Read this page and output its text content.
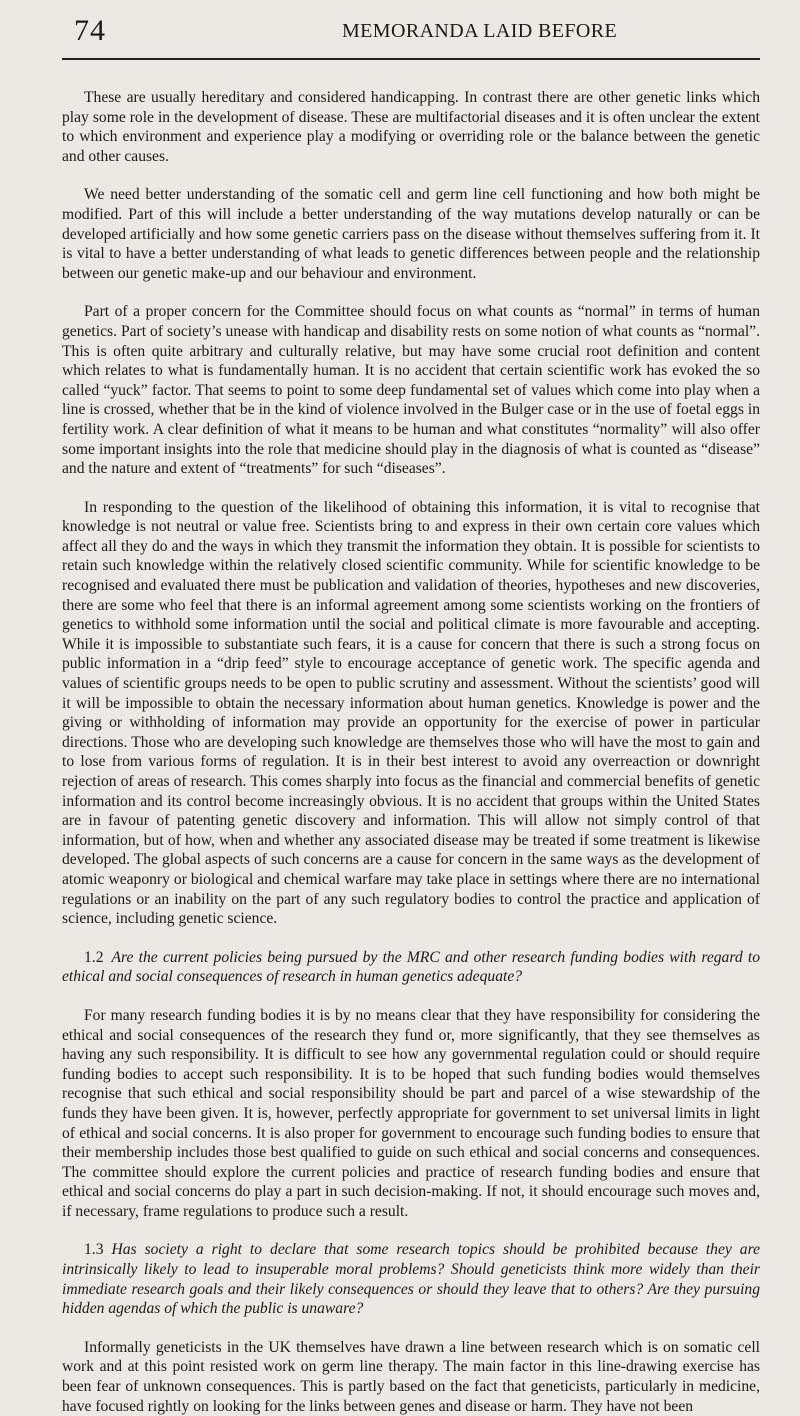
74	MEMORANDA LAID BEFORE

These are usually hereditary and considered handicapping. In contrast there are other genetic links which play some role in the development of disease. These are multifactorial diseases and it is often unclear the extent to which environment and experience play a modifying or overriding role or the balance between the genetic and other causes.

We need better understanding of the somatic cell and germ line cell functioning and how both might be modified. Part of this will include a better understanding of the way mutations develop naturally or can be developed artificially and how some genetic carriers pass on the disease without themselves suffering from it. It is vital to have a better understanding of what leads to genetic differences between people and the relationship between our genetic make-up and our behaviour and environment.

Part of a proper concern for the Committee should focus on what counts as “normal” in terms of human genetics. Part of society’s unease with handicap and disability rests on some notion of what counts as “normal”. This is often quite arbitrary and culturally relative, but may have some crucial root definition and content which relates to what is fundamentally human. It is no accident that certain scientific work has evoked the so called “yuck” factor. That seems to point to some deep fundamental set of values which come into play when a line is crossed, whether that be in the kind of violence involved in the Bulger case or in the use of foetal eggs in fertility work. A clear definition of what it means to be human and what constitutes “normality” will also offer some important insights into the role that medicine should play in the diagnosis of what is counted as “disease” and the nature and extent of “treatments” for such “diseases”.

In responding to the question of the likelihood of obtaining this information, it is vital to recognise that knowledge is not neutral or value free. Scientists bring to and express in their own certain core values which affect all they do and the ways in which they transmit the information they obtain. It is possible for scientists to retain such knowledge within the relatively closed scientific community. While for scientific knowledge to be recognised and evaluated there must be publication and validation of theories, hypotheses and new discoveries, there are some who feel that there is an informal agreement among some scientists working on the frontiers of genetics to withhold some information until the social and political climate is more favourable and accepting. While it is impossible to substantiate such fears, it is a cause for concern that there is such a strong focus on public information in a “drip feed” style to encourage acceptance of genetic work. The specific agenda and values of scientific groups needs to be open to public scrutiny and assessment. Without the scientists’ good will it will be impossible to obtain the necessary information about human genetics. Knowledge is power and the giving or withholding of information may provide an opportunity for the exercise of power in particular directions. Those who are developing such knowledge are themselves those who will have the most to gain and to lose from various forms of regulation. It is in their best interest to avoid any overreaction or downright rejection of areas of research. This comes sharply into focus as the financial and commercial benefits of genetic information and its control become increasingly obvious. It is no accident that groups within the United States are in favour of patenting genetic discovery and information. This will allow not simply control of that information, but of how, when and whether any associated disease may be treated if some treatment is likewise developed. The global aspects of such concerns are a cause for concern in the same ways as the development of atomic weaponry or biological and chemical warfare may take place in settings where there are no international regulations or an inability on the part of any such regulatory bodies to control the practice and application of science, including genetic science.

1.2 Are the current policies being pursued by the MRC and other research funding bodies with regard to ethical and social consequences of research in human genetics adequate?

For many research funding bodies it is by no means clear that they have responsibility for considering the ethical and social consequences of the research they fund or, more significantly, that they see themselves as having any such responsibility. It is difficult to see how any governmental regulation could or should require funding bodies to accept such responsibility. It is to be hoped that such funding bodies would themselves recognise that such ethical and social responsibility should be part and parcel of a wise stewardship of the funds they have been given. It is, however, perfectly appropriate for government to set universal limits in light of ethical and social concerns. It is also proper for government to encourage such funding bodies to ensure that their membership includes those best qualified to guide on such ethical and social concerns and consequences. The committee should explore the current policies and practice of research funding bodies and ensure that ethical and social concerns do play a part in such decision-making. If not, it should encourage such moves and, if necessary, frame regulations to produce such a result.

1.3 Has society a right to declare that some research topics should be prohibited because they are intrinsically likely to lead to insuperable moral problems? Should geneticists think more widely than their immediate research goals and their likely consequences or should they leave that to others? Are they pursuing hidden agendas of which the public is unaware?

Informally geneticists in the UK themselves have drawn a line between research which is on somatic cell work and at this point resisted work on germ line therapy. The main factor in this line-drawing exercise has been fear of unknown consequences. This is partly based on the fact that geneticists, particularly in medicine, have focused rightly on looking for the links between genes and disease or harm. They have not been
